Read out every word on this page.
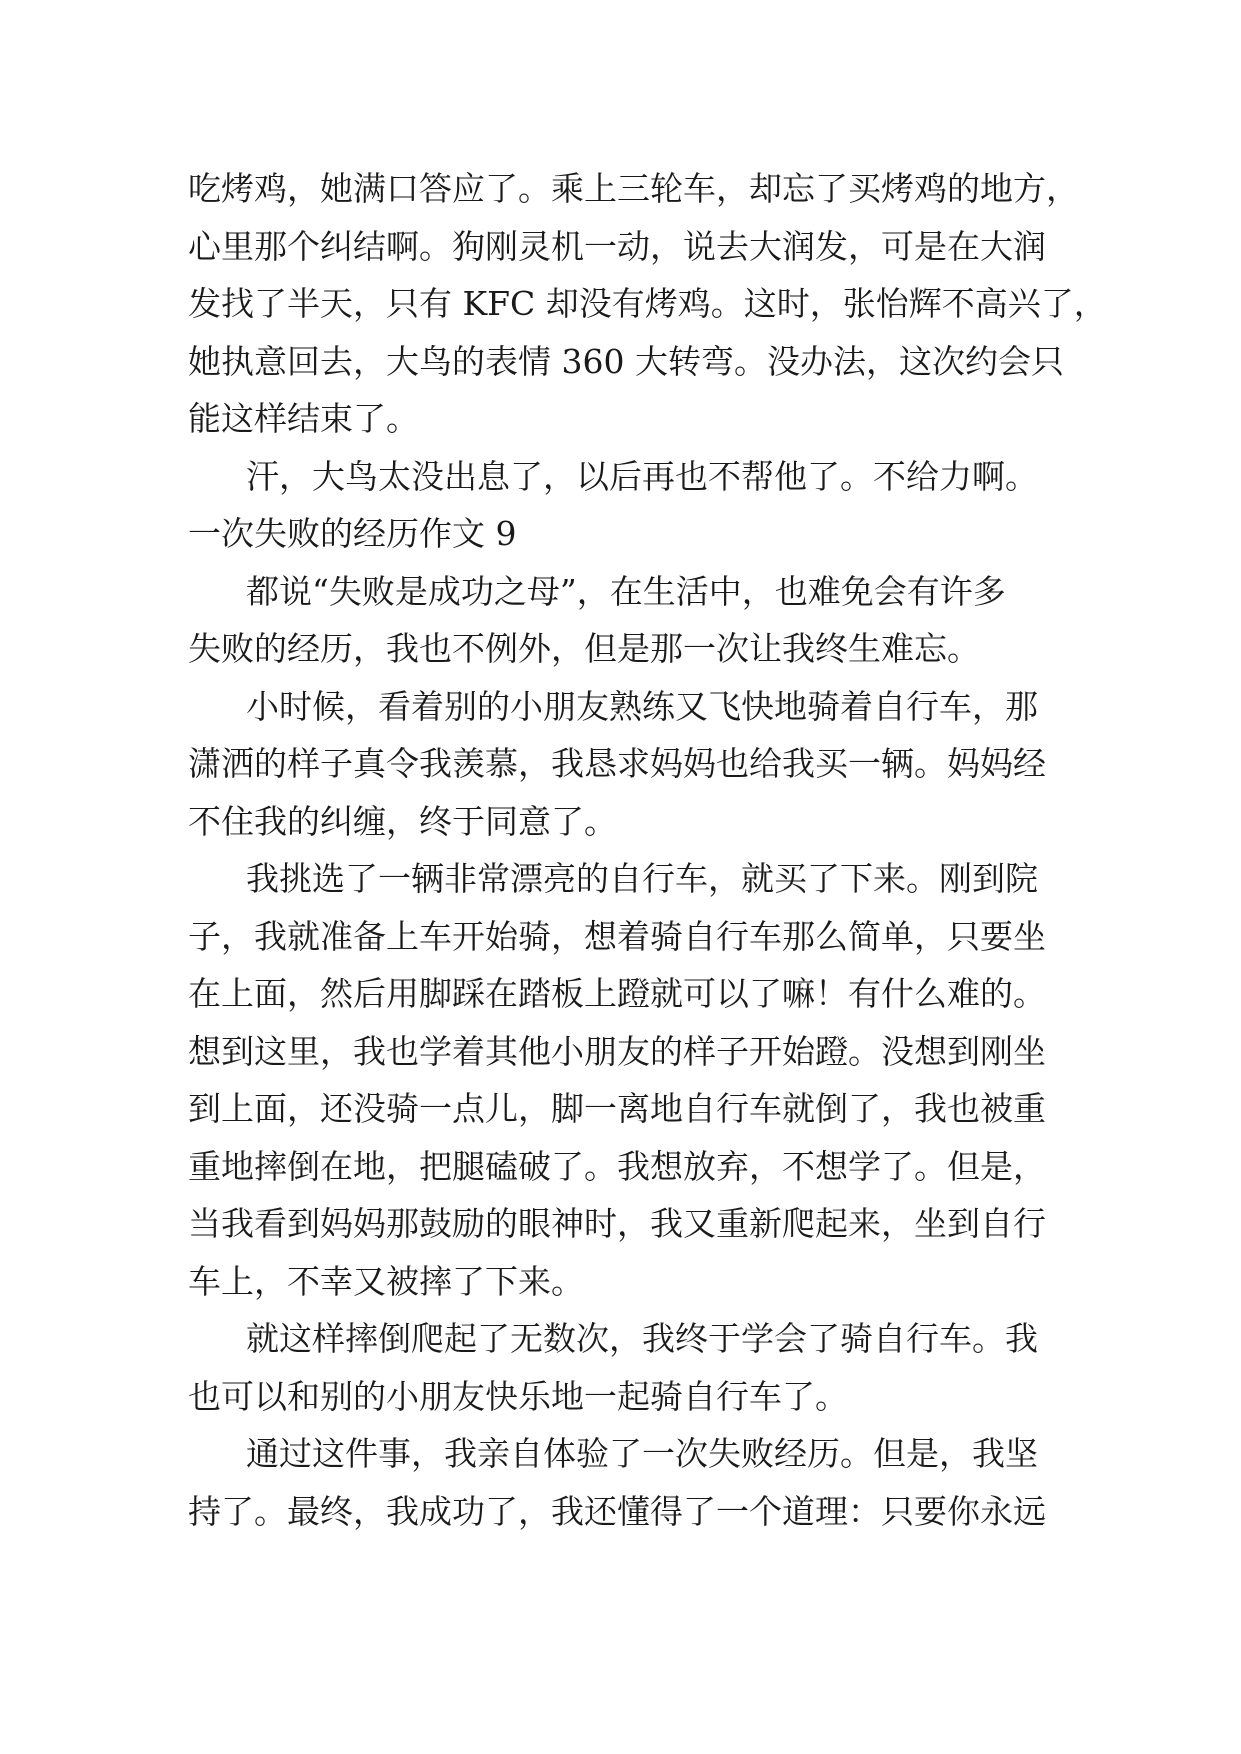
吃烤鸡，她满口答应了。乘上三轮车，却忘了买烤鸡的地方，
心里那个纠结啊。狗刚灵机一动，说去大润发，可是在大润
发找了半天，只有 KFC 却没有烤鸡。这时，张怡辉不高兴了，
她执意回去，大鸟的表情 360 大转弯。没办法，这次约会只
能这样结束了。
汗，大鸟太没出息了，以后再也不帮他了。不给力啊。
一次失败的经历作文 9
都说“失败是成功之母”，在生活中，也难免会有许多
失败的经历，我也不例外，但是那一次让我终生难忘。
小时候，看着别的小朋友熟练又飞快地骑着自行车，那
潇洒的样子真令我羡慕，我恳求妈妈也给我买一辆。妈妈经
不住我的纠缠，终于同意了。
我挑选了一辆非常漂亮的自行车，就买了下来。刚到院
子，我就准备上车开始骑，想着骑自行车那么简单，只要坐
在上面，然后用脚踩在踏板上蹬就可以了嘛！有什么难的。
想到这里，我也学着其他小朋友的样子开始蹬。没想到刚坐
到上面，还没骑一点儿，脚一离地自行车就倒了，我也被重
重地摔倒在地，把腿磕破了。我想放弃，不想学了。但是，
当我看到妈妈那鼓励的眼神时，我又重新爬起来，坐到自行
车上，不幸又被摔了下来。
就这样摔倒爬起了无数次，我终于学会了骑自行车。我
也可以和别的小朋友快乐地一起骑自行车了。
通过这件事，我亲自体验了一次失败经历。但是，我坚
持了。最终，我成功了，我还懂得了一个道理：只要你永远
